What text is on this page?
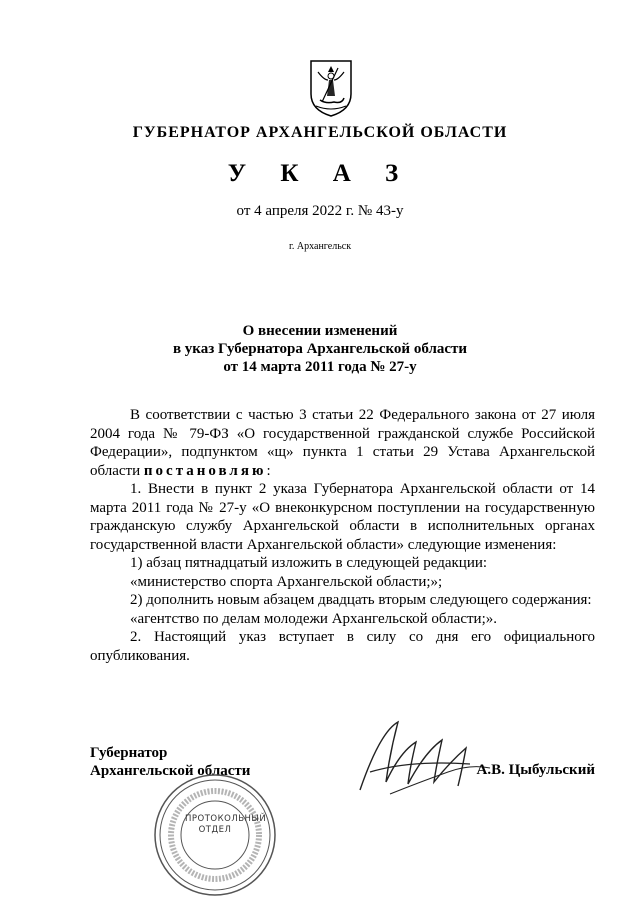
ГУБЕРНАТОР АРХАНГЕЛЬСКОЙ ОБЛАСТИ
У К А З
от 4 апреля 2022 г. № 43-у
г. Архангельск
О внесении изменений
в указ Губернатора Архангельской области
от 14 марта 2011 года № 27-у

В соответствии с частью 3 статьи 22 Федерального закона от 27 июля 2004 года № 79-ФЗ «О государственной гражданской службе Российской Федерации», подпунктом «щ» пункта 1 статьи 29 Устава Архангельской области постановляю:

1. Внести в пункт 2 указа Губернатора Архангельской области от 14 марта 2011 года № 27-у «О внеконкурсном поступлении на государственную гражданскую службу Архангельской области в исполнительных органах государственной власти Архангельской области» следующие изменения:

1) абзац пятнадцатый изложить в следующей редакции:

«министерство спорта Архангельской области;»;

2) дополнить новым абзацем двадцать вторым следующего содержания:

«агентство по делам молодежи Архангельской области;».

2. Настоящий указ вступает в силу со дня его официального опубликования.

Губернатор
Архангельской области	А.В. Цыбульский
ПРОТОКОЛЬНЫЙ
ОТДЕЛ
